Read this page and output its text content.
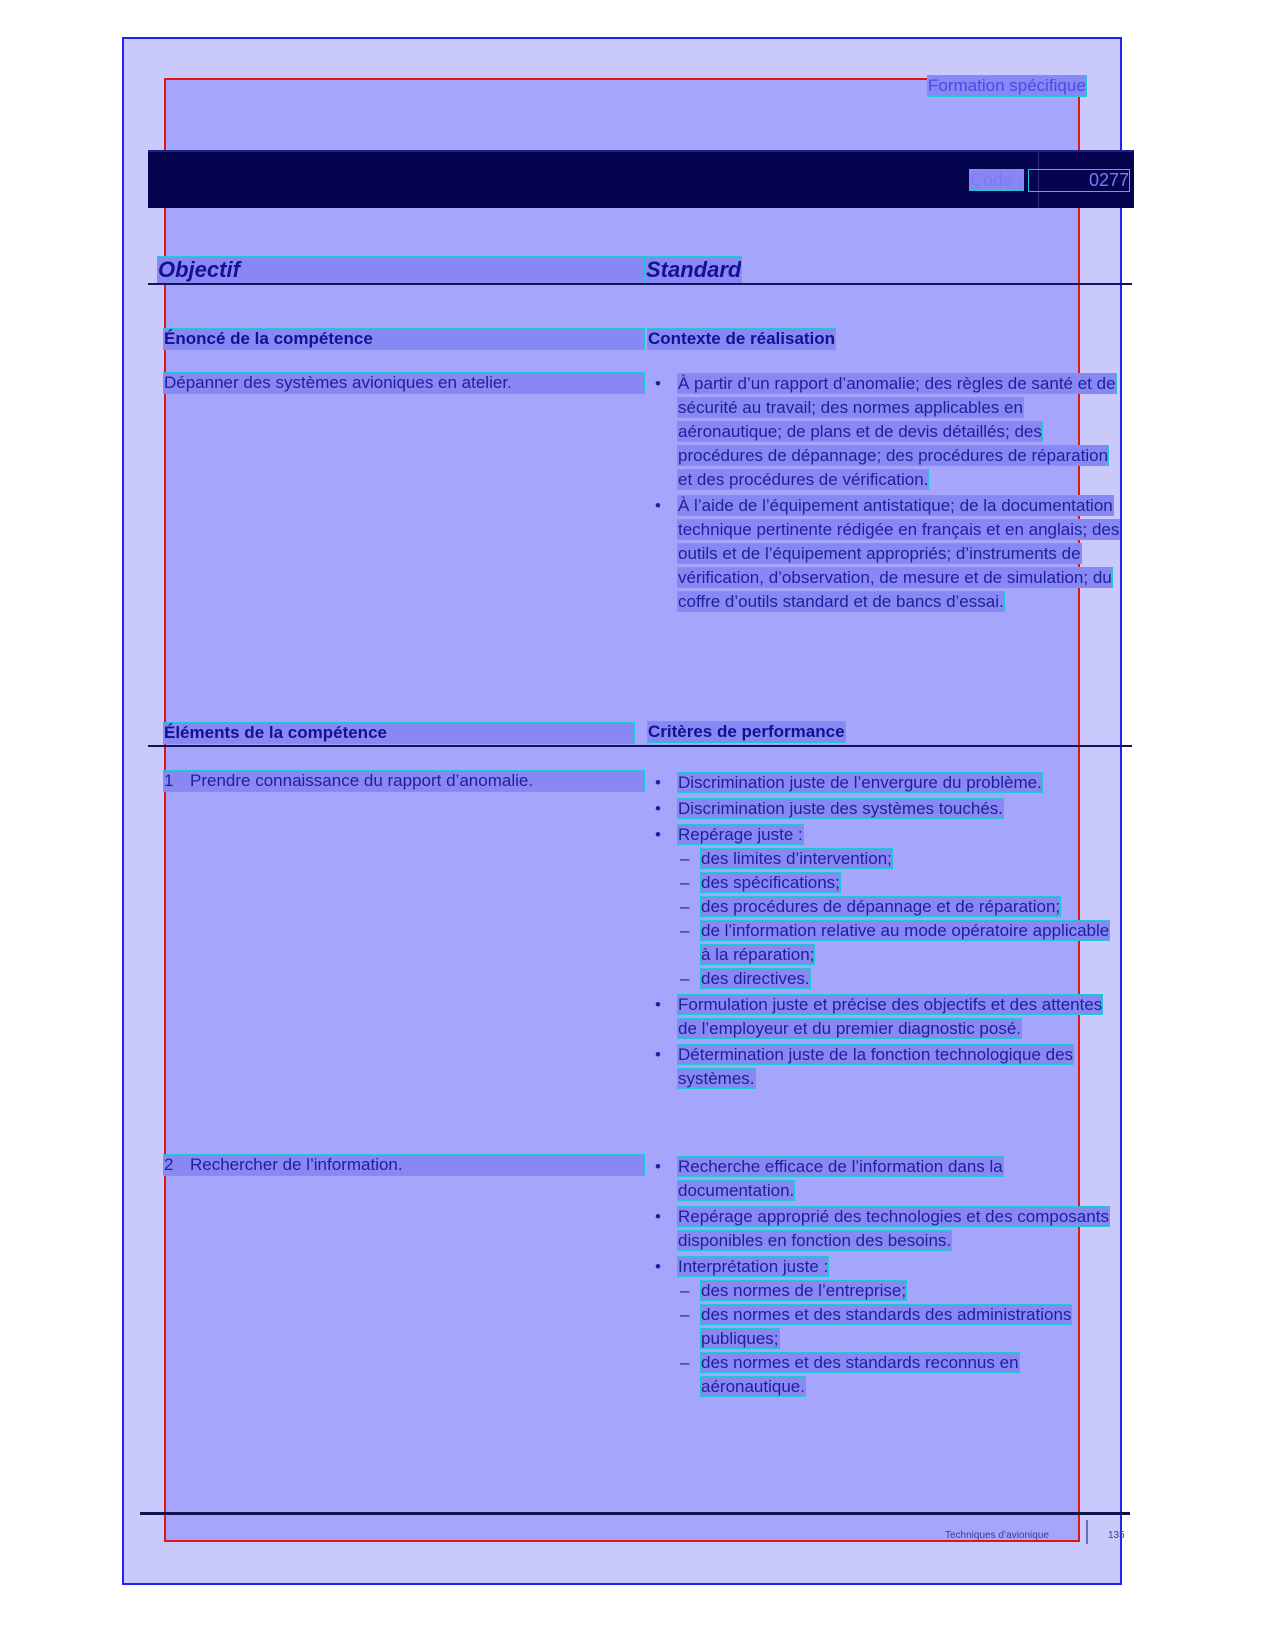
Formation spécifique
Code :	0277
Objectif	Standard
Énoncé de la compétence	Contexte de réalisation
Dépanner des systèmes avioniques en atelier.	• À partir d’un rapport d’anomalie; des règles de santé et de sécurité au travail; des normes applicables en aéronautique; de plans et de devis détaillés; des procédures de dépannage; des procédures de réparation et des procédures de vérification.
• À l’aide de l’équipement antistatique; de la documentation technique pertinente rédigée en français et en anglais; des outils et de l’équipement appropriés; d’instruments de vérification, d’observation, de mesure et de simulation; du coffre d’outils standard et de bancs d’essai.
Éléments de la compétence	Critères de performance
1 Prendre connaissance du rapport d’anomalie.	• Discrimination juste de l’envergure du problème.
• Discrimination juste des systèmes touchés.
• Repérage juste :
– des limites d’intervention;
– des spécifications;
– des procédures de dépannage et de réparation;
– de l’information relative au mode opératoire applicable à la réparation;
– des directives.
• Formulation juste et précise des objectifs et des attentes de l’employeur et du premier diagnostic posé.
• Détermination juste de la fonction technologique des systèmes.
2 Rechercher de l’information.	• Recherche efficace de l’information dans la documentation.
• Repérage approprié des technologies et des composants disponibles en fonction des besoins.
• Interprétation juste :
– des normes de l’entreprise;
– des normes et des standards des administrations publiques;
– des normes et des standards reconnus en aéronautique.
Techniques d’avionique	135
